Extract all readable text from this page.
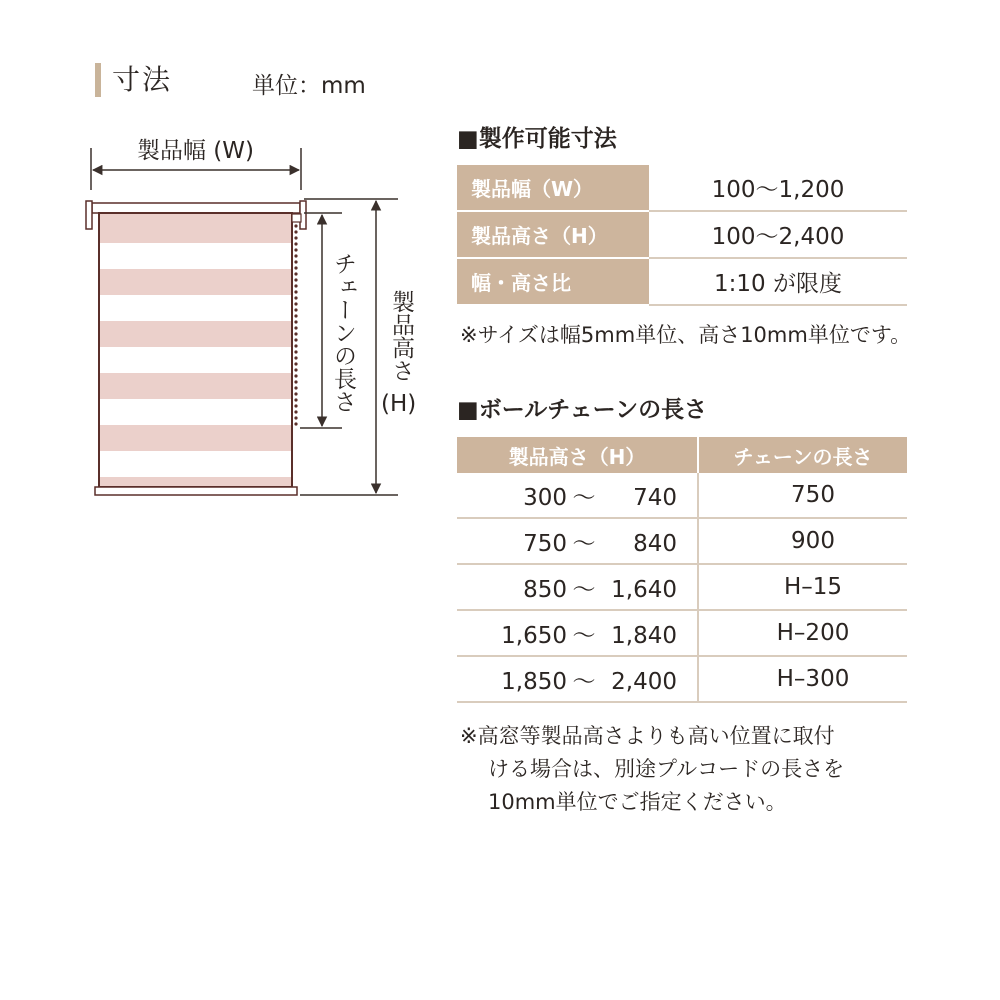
寸法	単位：mm
製品幅 (W)
チェーンの長さ 製品高さ
(H)
■製作可能寸法
製品幅（W）	100〜1,200
製品高さ（H）	100〜2,400
幅・高さ比	1:10 が限度
※サイズは幅5mm単位、高さ10mm単位です。
■ボールチェーンの長さ
製品高さ（H）	チェーンの長さ
300 〜 740	750
750 〜 840	900
850 〜 1,640	H–15
1,650 〜 1,840	H–200
1,850 〜 2,400	H–300

※高窓等製品高さよりも高い位置に取付

ける場合は、別途プルコードの長さを

10mm単位でご指定ください。
